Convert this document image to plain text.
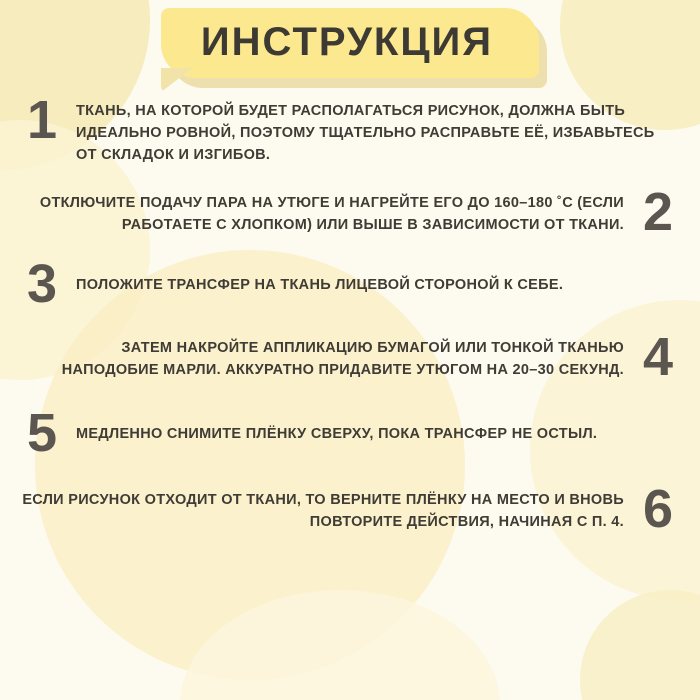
ИНСТРУКЦИЯ
1	ТКАНЬ, НА КОТОРОЙ БУДЕТ РАСПОЛАГАТЬСЯ РИСУНОК, ДОЛЖНА БЫТЬ ИДЕАЛЬНО РОВНОЙ, ПОЭТОМУ ТЩАТЕЛЬНО РАСПРАВЬТЕ ЕЁ, ИЗБАВЬТЕСЬ ОТ СКЛАДОК И ИЗГИБОВ.
2
ОТКЛЮЧИТЕ ПОДАЧУ ПАРА НА УТЮГЕ И НАГРЕЙТЕ ЕГО ДО 160–180 ˚С (ЕСЛИ РАБОТАЕТЕ С ХЛОПКОМ) ИЛИ ВЫШЕ В ЗАВИСИМОСТИ ОТ ТКАНИ.
3	ПОЛОЖИТЕ ТРАНСФЕР НА ТКАНЬ ЛИЦЕВОЙ СТОРОНОЙ К СЕБЕ.
4
ЗАТЕМ НАКРОЙТЕ АППЛИКАЦИЮ БУМАГОЙ ИЛИ ТОНКОЙ ТКАНЬЮ НАПОДОБИЕ МАРЛИ. АККУРАТНО ПРИДАВИТЕ УТЮГОМ НА 20–30 СЕКУНД.
5	МЕДЛЕННО СНИМИТЕ ПЛЁНКУ СВЕРХУ, ПОКА ТРАНСФЕР НЕ ОСТЫЛ.
6
ЕСЛИ РИСУНОК ОТХОДИТ ОТ ТКАНИ, ТО ВЕРНИТЕ ПЛЁНКУ НА МЕСТО И ВНОВЬ ПОВТОРИТЕ ДЕЙСТВИЯ, НАЧИНАЯ С П. 4.
